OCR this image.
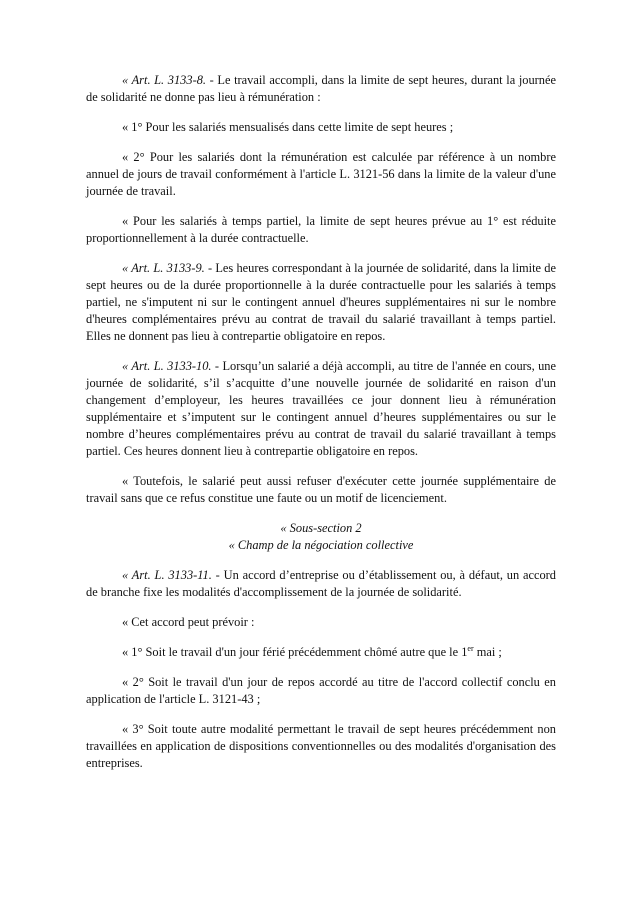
« Art. L. 3133-8. - Le travail accompli, dans la limite de sept heures, durant la journée de solidarité ne donne pas lieu à rémunération :

« 1° Pour les salariés mensualisés dans cette limite de sept heures ;

« 2° Pour les salariés dont la rémunération est calculée par référence à un nombre annuel de jours de travail conformément à l'article L. 3121-56 dans la limite de la valeur d'une journée de travail.

« Pour les salariés à temps partiel, la limite de sept heures prévue au 1° est réduite proportionnellement à la durée contractuelle.

« Art. L. 3133-9. - Les heures correspondant à la journée de solidarité, dans la limite de sept heures ou de la durée proportionnelle à la durée contractuelle pour les salariés à temps partiel, ne s'imputent ni sur le contingent annuel d'heures supplémentaires ni sur le nombre d'heures complémentaires prévu au contrat de travail du salarié travaillant à temps partiel. Elles ne donnent pas lieu à contrepartie obligatoire en repos.

« Art. L. 3133-10. - Lorsqu’un salarié a déjà accompli, au titre de l'année en cours, une journée de solidarité, s’il s’acquitte d’une nouvelle journée de solidarité en raison d'un changement d’employeur, les heures travaillées ce jour donnent lieu à rémunération supplémentaire et s’imputent sur le contingent annuel d’heures supplémentaires ou sur le nombre d’heures complémentaires prévu au contrat de travail du salarié travaillant à temps partiel. Ces heures donnent lieu à contrepartie obligatoire en repos.

« Toutefois, le salarié peut aussi refuser d'exécuter cette journée supplémentaire de travail sans que ce refus constitue une faute ou un motif de licenciement.

« Sous-section 2

« Champ de la négociation collective

« Art. L. 3133-11. - Un accord d’entreprise ou d’établissement ou, à défaut, un accord de branche fixe les modalités d'accomplissement de la journée de solidarité.

« Cet accord peut prévoir :

« 1° Soit le travail d'un jour férié précédemment chômé autre que le 1er mai ;

« 2° Soit le travail d'un jour de repos accordé au titre de l'accord collectif conclu en application de l'article L. 3121-43 ;

« 3° Soit toute autre modalité permettant le travail de sept heures précédemment non travaillées en application de dispositions conventionnelles ou des modalités d'organisation des entreprises.
